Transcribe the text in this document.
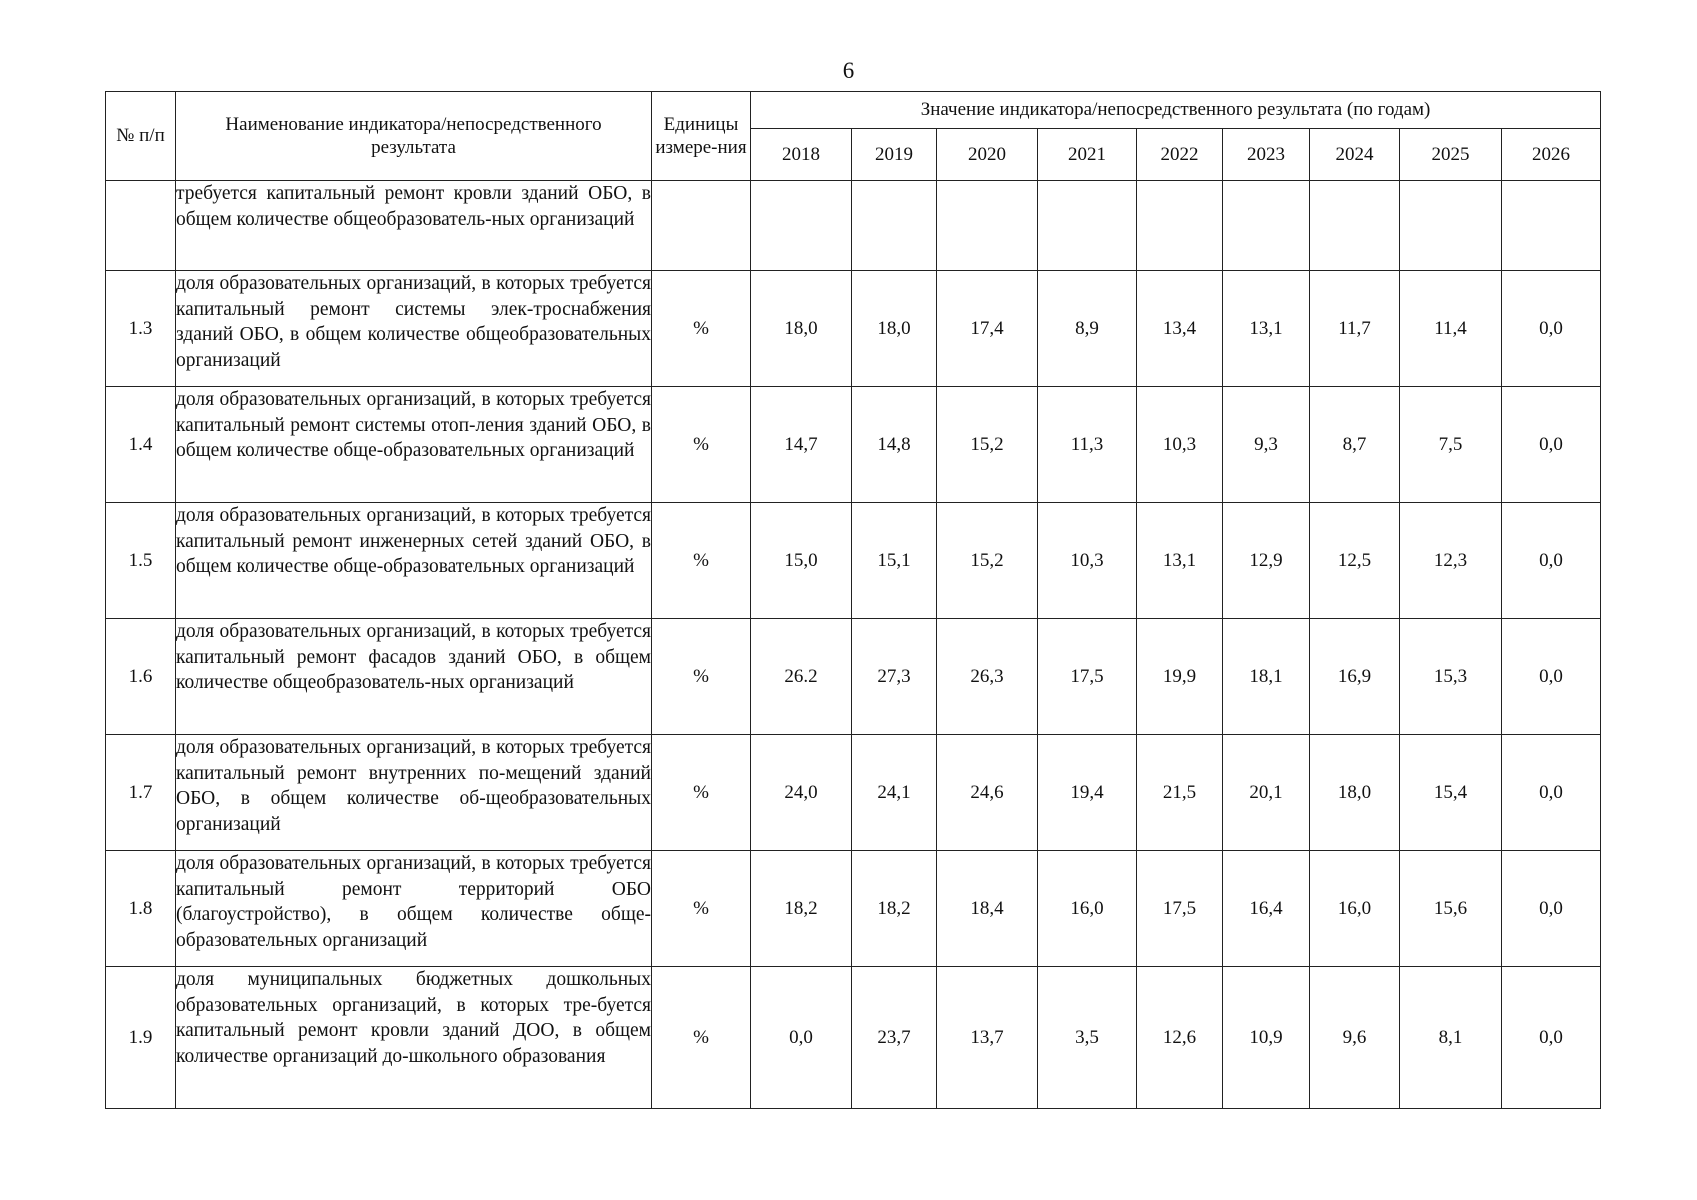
6
№ п/п	Наименование индикатора/непосредственного результата	Единицы измере-ния	Значение индикатора/непосредственного результата (по годам)								
			2018	2019	2020	2021	2022	2023	2024	2025	2026
	требуется капитальный ремонт кровли зданий ОБО, в общем количестве общеобразователь-ных организаций										
1.3	доля образовательных организаций, в которых требуется капитальный ремонт системы элек-троснабжения зданий ОБО, в общем количестве общеобразовательных организаций	%	18,0	18,0	17,4	8,9	13,4	13,1	11,7	11,4	0,0
1.4	доля образовательных организаций, в которых требуется капитальный ремонт системы отоп-ления зданий ОБО, в общем количестве обще-образовательных организаций	%	14,7	14,8	15,2	11,3	10,3	9,3	8,7	7,5	0,0
1.5	доля образовательных организаций, в которых требуется капитальный ремонт инженерных сетей зданий ОБО, в общем количестве обще-образовательных организаций	%	15,0	15,1	15,2	10,3	13,1	12,9	12,5	12,3	0,0
1.6	доля образовательных организаций, в которых требуется капитальный ремонт фасадов зданий ОБО, в общем количестве общеобразователь-ных организаций	%	26.2	27,3	26,3	17,5	19,9	18,1	16,9	15,3	0,0
1.7	доля образовательных организаций, в которых требуется капитальный ремонт внутренних по-мещений зданий ОБО, в общем количестве об-щеобразовательных организаций	%	24,0	24,1	24,6	19,4	21,5	20,1	18,0	15,4	0,0
1.8	доля образовательных организаций, в которых требуется капитальный ремонт территорий ОБО (благоустройство), в общем количестве обще-образовательных организаций	%	18,2	18,2	18,4	16,0	17,5	16,4	16,0	15,6	0,0
1.9	доля муниципальных бюджетных дошкольных образовательных организаций, в которых тре-буется капитальный ремонт кровли зданий ДОО, в общем количестве организаций до-школьного образования	%	0,0	23,7	13,7	3,5	12,6	10,9	9,6	8,1	0,0
